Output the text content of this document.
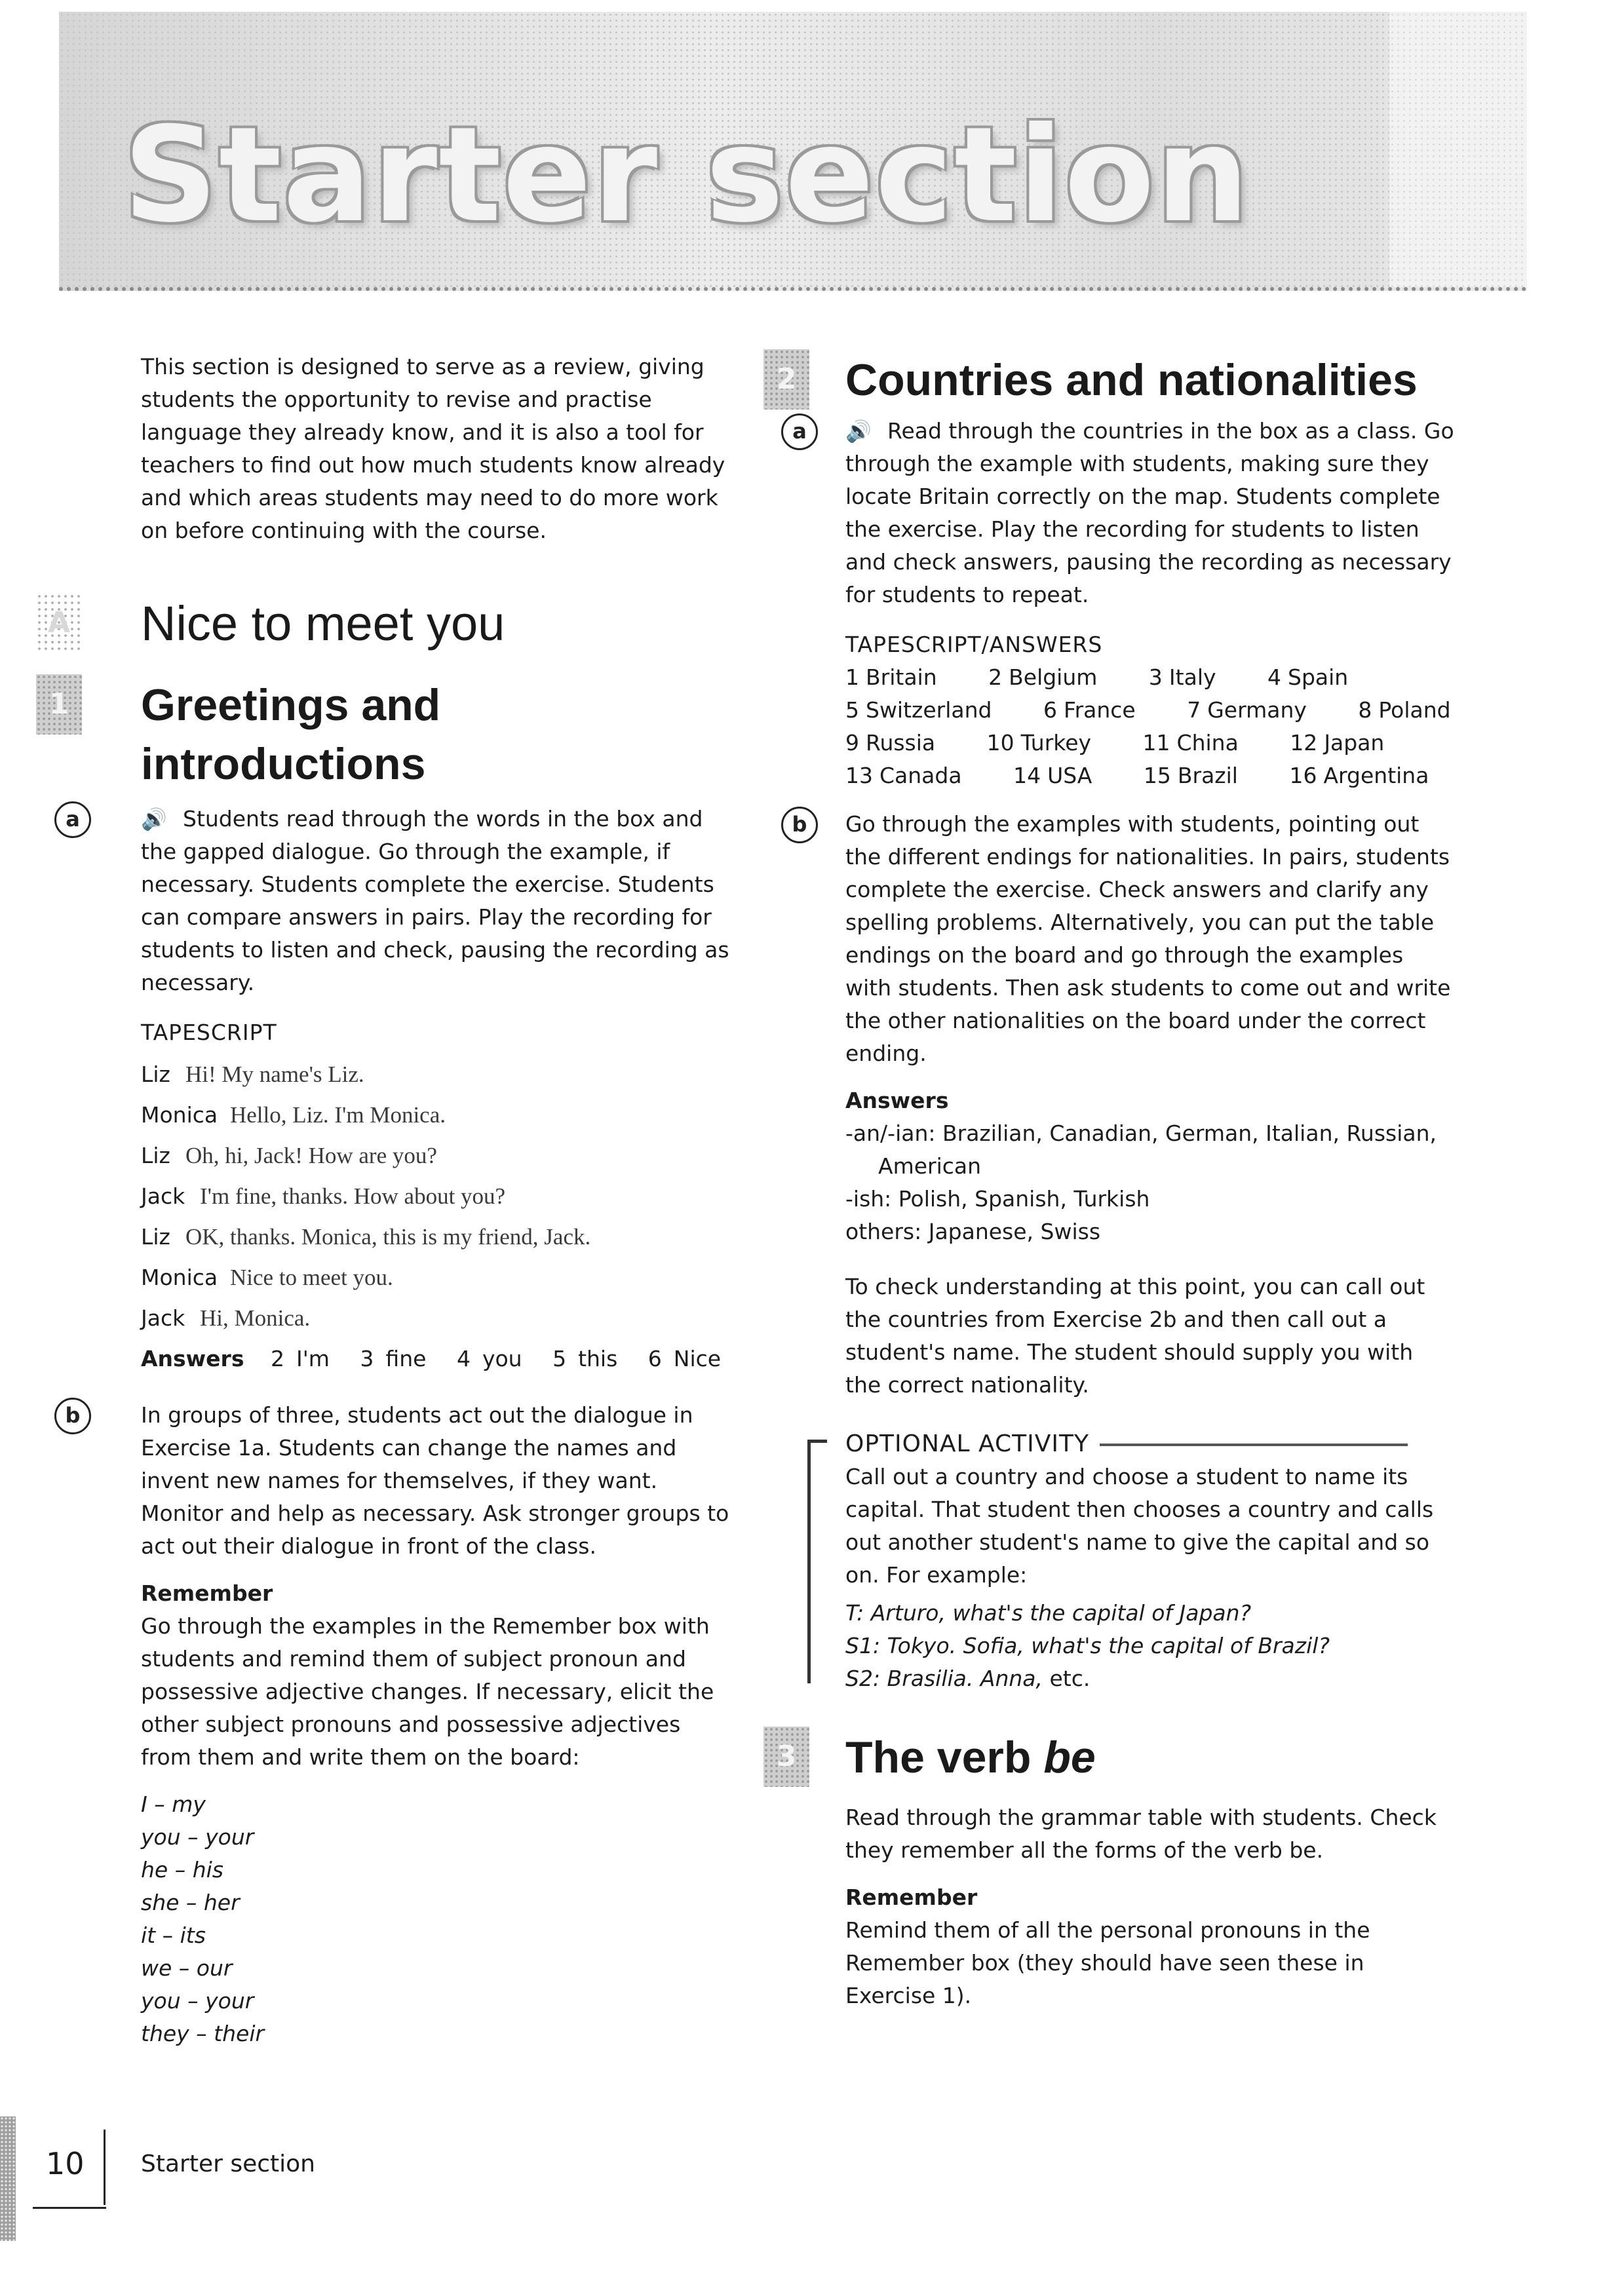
Starter section

This section is designed to serve as a review, giving students the opportunity to revise and practise language they already know, and it is also a tool for teachers to find out how much students know already and which areas students may need to do more work on before continuing with the course.

A Nice to meet you
1 Greetings and introductions
a	🔊 Students read through the words in the box and the gapped dialogue. Go through the example, if necessary. Students complete the exercise. Students can compare answers in pairs. Play the recording for students to listen and check, pausing the recording as necessary.

TAPESCRIPT
Liz Hi! My name's Liz.
Monica Hello, Liz. I'm Monica.
Liz Oh, hi, Jack! How are you?
Jack I'm fine, thanks. How about you?
Liz OK, thanks. Monica, this is my friend, Jack.
Monica Nice to meet you.
Jack Hi, Monica.
Answers 2 I'm 3 fine 4 you 5 this 6 Nice
b	In groups of three, students act out the dialogue in Exercise 1a. Students can change the names and invent new names for themselves, if they want. Monitor and help as necessary. Ask stronger groups to act out their dialogue in front of the class.

Remember

Go through the examples in the Remember box with students and remind them of subject pronoun and possessive adjective changes. If necessary, elicit the other subject pronouns and possessive adjectives from them and write them on the board:

I – my
you – your
he – his
she – her
it – its
we – our
you – your
they – their
2 Countries and nationalities
a	🔊 Read through the countries in the box as a class. Go through the example with students, making sure they locate Britain correctly on the map. Students complete the exercise. Play the recording for students to listen and check answers, pausing the recording as necessary for students to repeat.

TAPESCRIPT/ANSWERS
1 Britain 2 Belgium 3 Italy 4 Spain
5 Switzerland 6 France 7 Germany 8 Poland
9 Russia 10 Turkey 11 China 12 Japan
13 Canada 14 USA 15 Brazil 16 Argentina
b	Go through the examples with students, pointing out the different endings for nationalities. In pairs, students complete the exercise. Check answers and clarify any spelling problems. Alternatively, you can put the table endings on the board and go through the examples with students. Then ask students to come out and write the other nationalities on the board under the correct ending.

Answers
-an/-ian: Brazilian, Canadian, German, Italian, Russian,
American
-ish: Polish, Spanish, Turkish
others: Japanese, Swiss

To check understanding at this point, you can call out the countries from Exercise 2b and then call out a student's name. The student should supply you with the correct nationality.

OPTIONAL ACTIVITY

Call out a country and choose a student to name its capital. That student then chooses a country and calls out another student's name to give the capital and so on. For example:

T: Arturo, what's the capital of Japan?
S1: Tokyo. Sofia, what's the capital of Brazil?
S2: Brasilia. Anna, etc.
3 The verb be

Read through the grammar table with students. Check they remember all the forms of the verb be.

Remember

Remind them of all the personal pronouns in the Remember box (they should have seen these in Exercise 1).

10 Starter section
